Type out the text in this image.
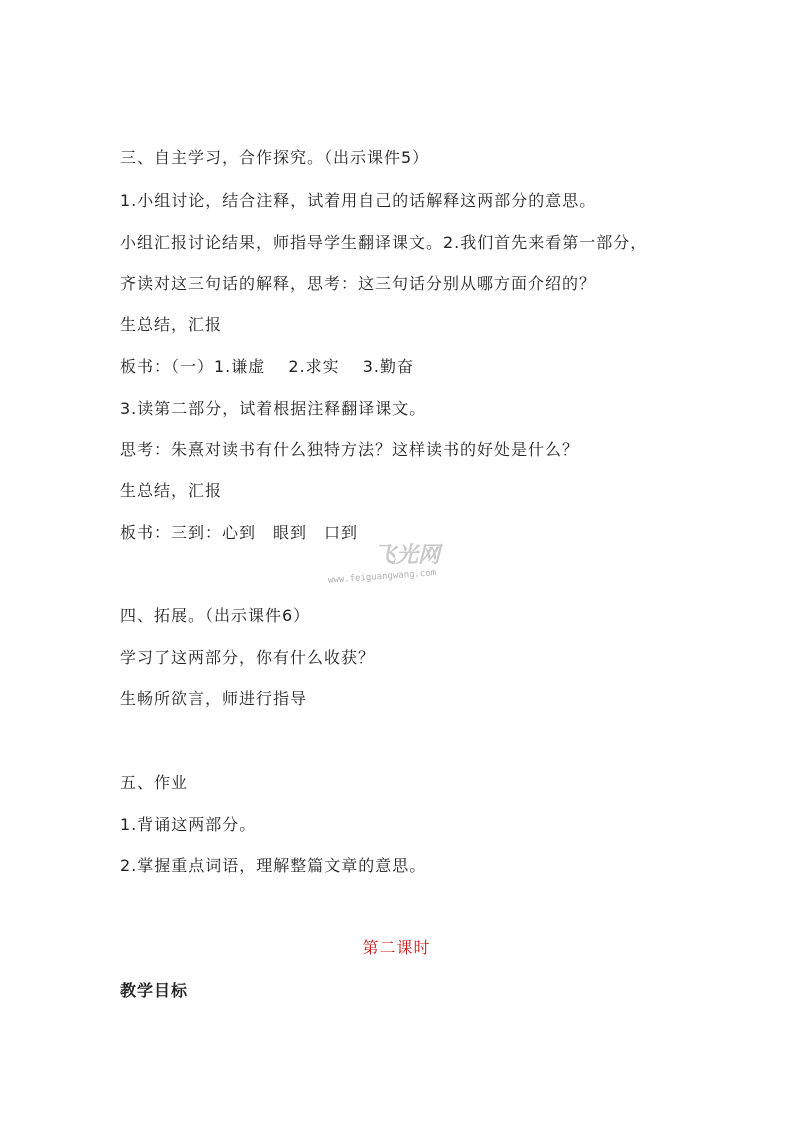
三、自主学习，合作探究。（出示课件5）
1.小组讨论，结合注释，试着用自己的话解释这两部分的意思。
小组汇报讨论结果，师指导学生翻译课文。2.我们首先来看第一部分，
齐读对这三句话的解释，思考：这三句话分别从哪方面介绍的？
生总结，汇报
板书：（一）1.谦虚　 2.求实　 3.勤奋
3.读第二部分，试着根据注释翻译课文。
思考：朱熹对读书有什么独特方法？这样读书的好处是什么？
生总结，汇报
板书：三到：心到　眼到　口到
飞光网
www.feiguangwang.com
四、拓展。（出示课件6）
学习了这两部分，你有什么收获？
生畅所欲言，师进行指导
五、作业
1.背诵这两部分。
2.掌握重点词语，理解整篇文章的意思。
第二课时
教学目标
